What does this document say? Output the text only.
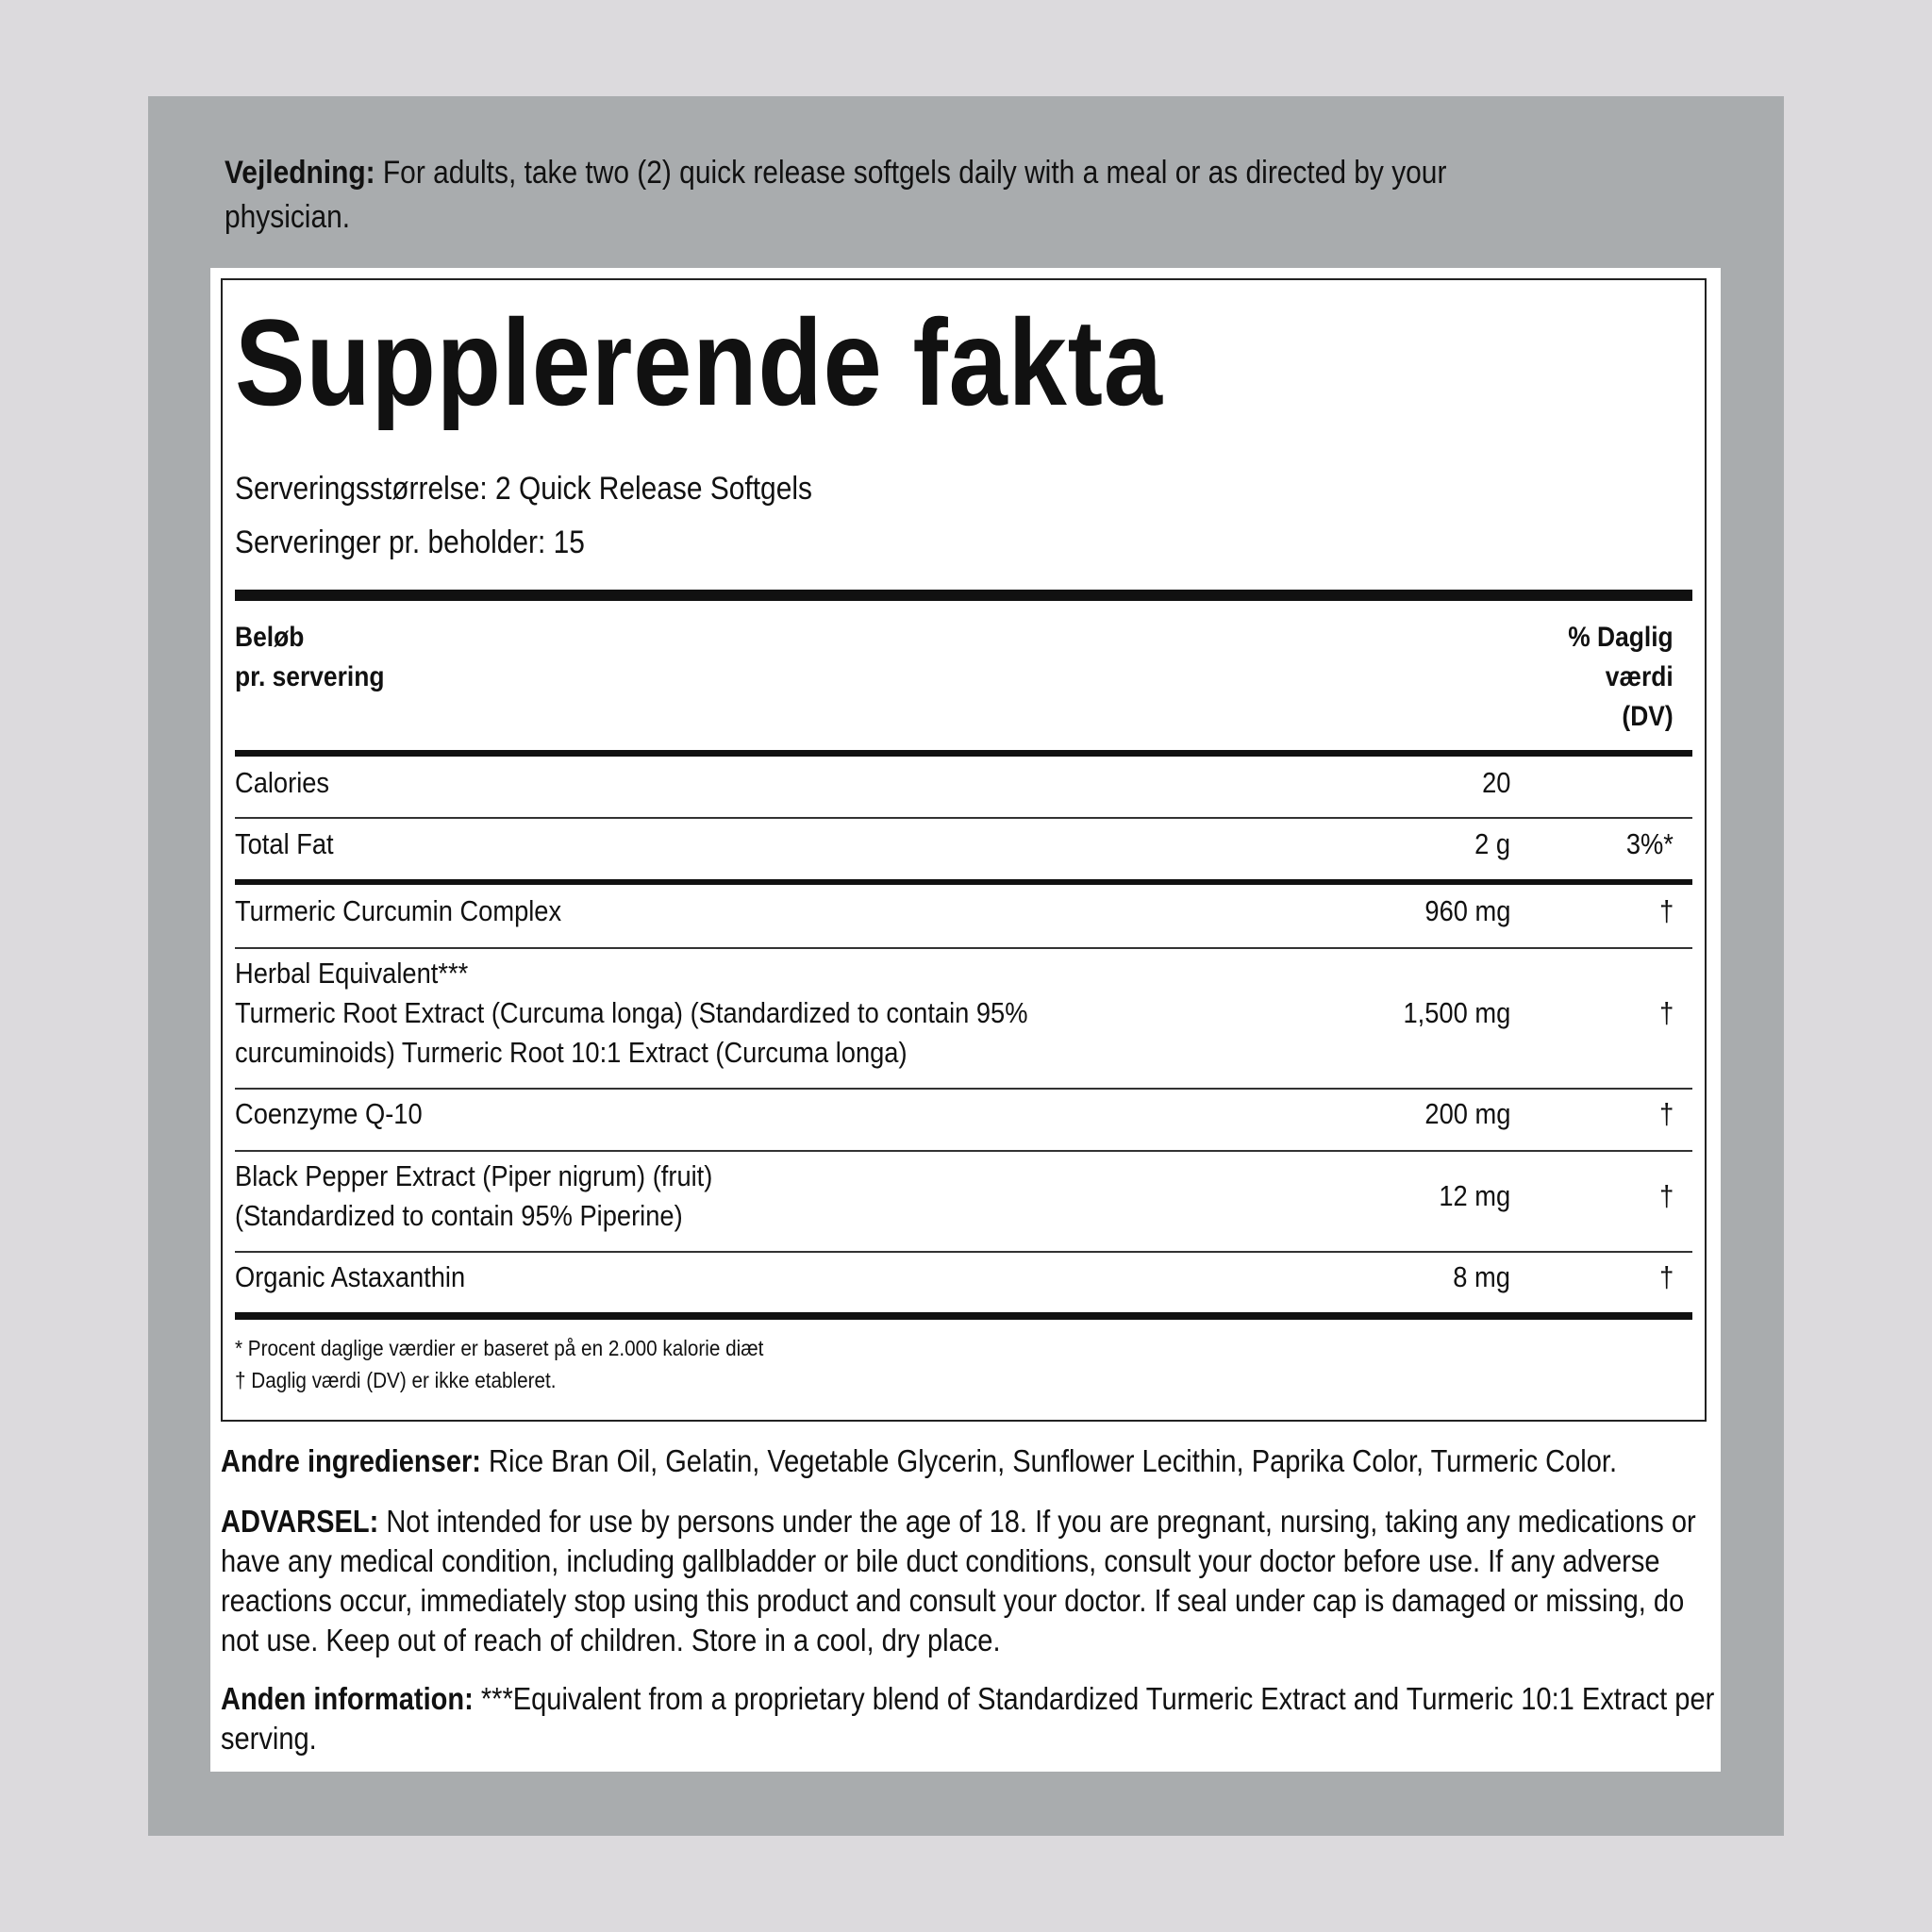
Vejledning: For adults, take two (2) quick release softgels daily with a meal or as directed by your physician.
Supplerende fakta
Serveringsstørrelse: 2 Quick Release Softgels
Serveringer pr. beholder: 15
Beløb
pr. servering
% Daglig
værdi
(DV)
Calories	20
Total Fat	2 g	3%*
Turmeric Curcumin Complex	960 mg	†
Herbal Equivalent***
Turmeric Root Extract (Curcuma longa) (Standardized to contain 95%
curcuminoids) Turmeric Root 10:1 Extract (Curcuma longa)
1,500 mg	†
Coenzyme Q-10	200 mg	†
Black Pepper Extract (Piper nigrum) (fruit)
(Standardized to contain 95% Piperine)
12 mg	†
Organic Astaxanthin	8 mg	†
* Procent daglige værdier er baseret på en 2.000 kalorie diæt
† Daglig værdi (DV) er ikke etableret.
Andre ingredienser: Rice Bran Oil, Gelatin, Vegetable Glycerin, Sunflower Lecithin, Paprika Color, Turmeric Color.
ADVARSEL: Not intended for use by persons under the age of 18. If you are pregnant, nursing, taking any medications or have any medical condition, including gallbladder or bile duct conditions, consult your doctor before use. If any adverse reactions occur, immediately stop using this product and consult your doctor. If seal under cap is damaged or missing, do not use. Keep out of reach of children. Store in a cool, dry place.
Anden information: ***Equivalent from a proprietary blend of Standardized Turmeric Extract and Turmeric 10:1 Extract per serving.
